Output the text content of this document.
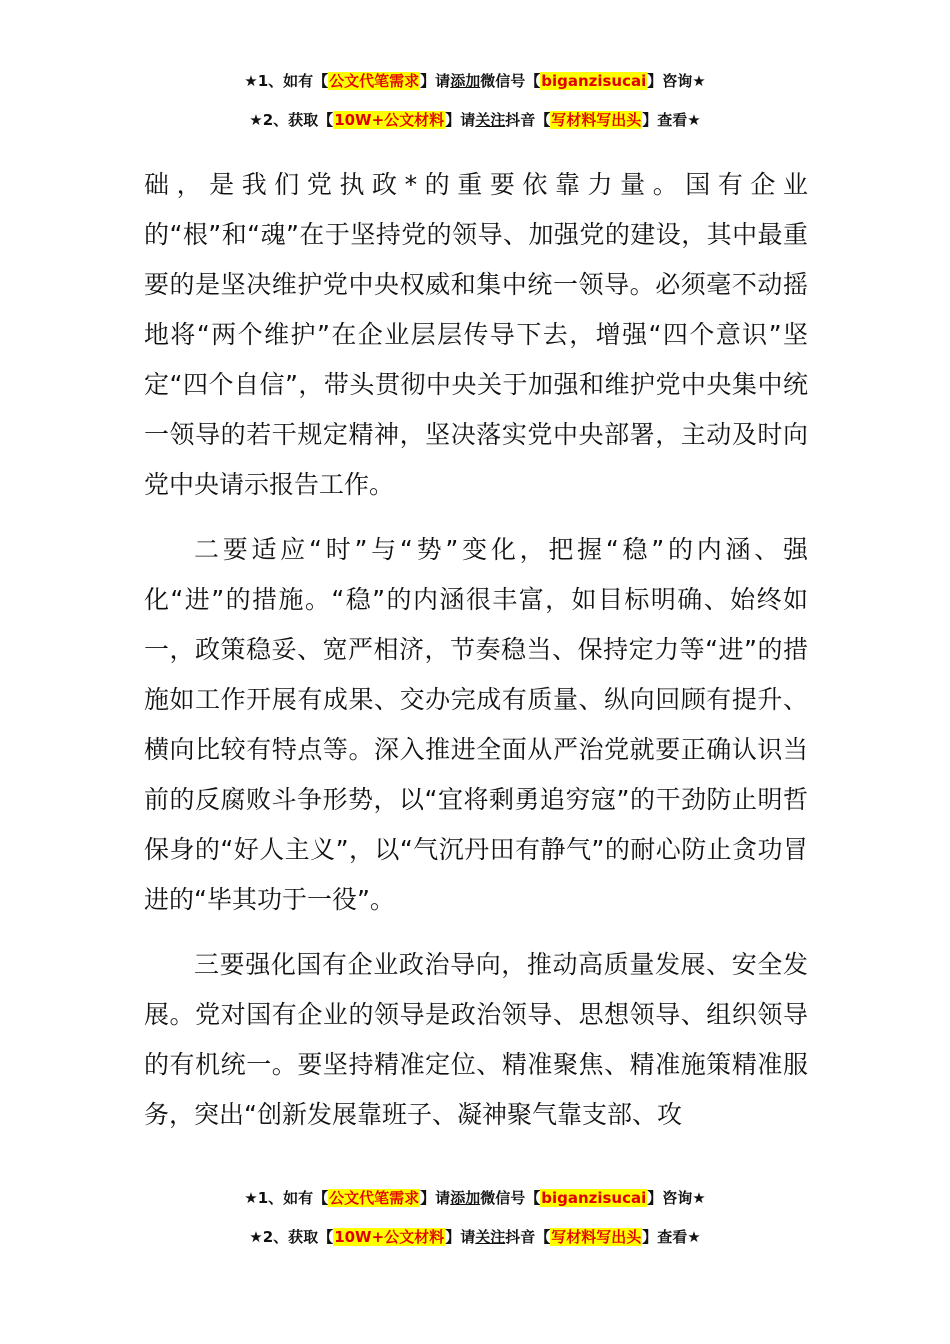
★1、如有【公文代笔需求】请添加微信号【biganzisucai】咨询★
★2、获取【10W+公文材料】请关注抖音【写材料写出头】查看★

础，是我们党执政*的重要依靠力量。国有企业的“根”和“魂”在于坚持党的领导、加强党的建设，其中最重要的是坚决维护党中央权威和集中统一领导。必须毫不动摇地将“两个维护”在企业层层传导下去，增强“四个意识”坚定“四个自信”，带头贯彻中央关于加强和维护党中央集中统一领导的若干规定精神，坚决落实党中央部署，主动及时向党中央请示报告工作。

二要适应“时”与“势”变化，把握“稳”的内涵、强化“进”的措施。“稳”的内涵很丰富，如目标明确、始终如一，政策稳妥、宽严相济，节奏稳当、保持定力等“进”的措施如工作开展有成果、交办完成有质量、纵向回顾有提升、横向比较有特点等。深入推进全面从严治党就要正确认识当前的反腐败斗争形势，以“宜将剩勇追穷寇”的干劲防止明哲保身的“好人主义”，以“气沉丹田有静气”的耐心防止贪功冒进的“毕其功于一役”。

三要强化国有企业政治导向，推动高质量发展、安全发展。党对国有企业的领导是政治领导、思想领导、组织领导的有机统一。要坚持精准定位、精准聚焦、精准施策精准服务，突出“创新发展靠班子、凝神聚气靠支部、攻

★1、如有【公文代笔需求】请添加微信号【biganzisucai】咨询★
★2、获取【10W+公文材料】请关注抖音【写材料写出头】查看★
